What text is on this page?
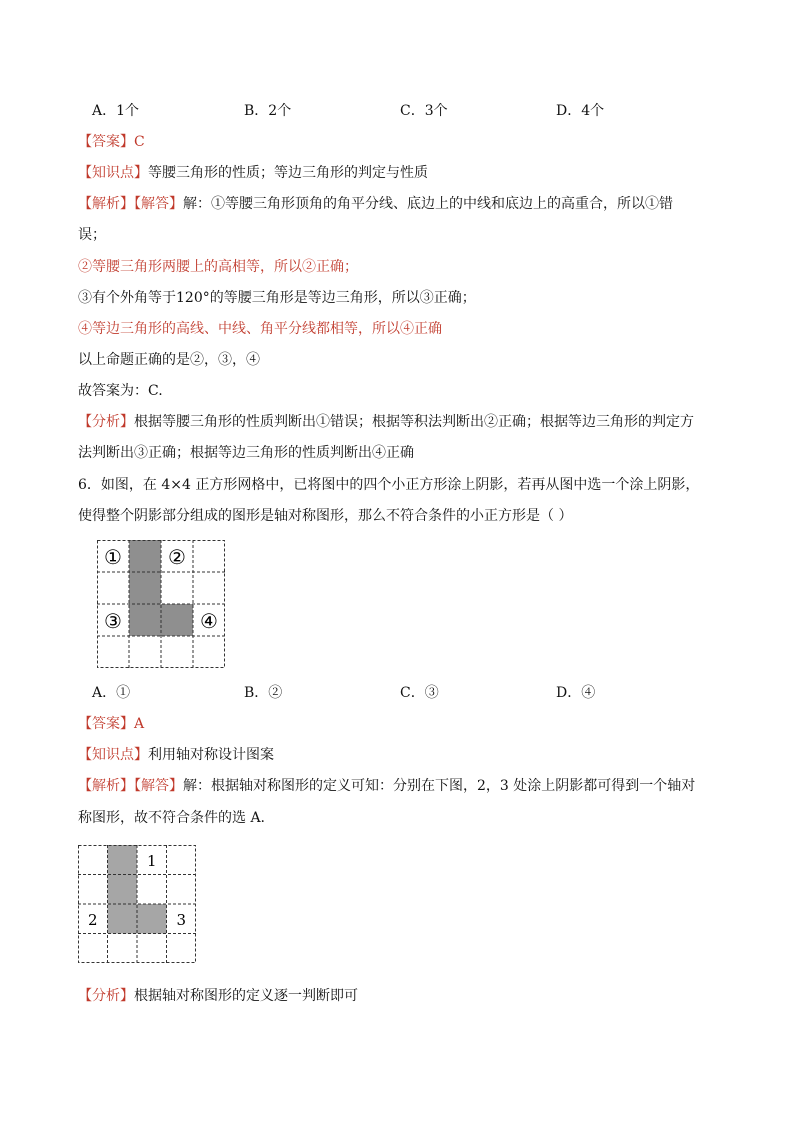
A．1个	B．2个	C．3个	D．4个
【答案】C
【知识点】等腰三角形的性质；等边三角形的判定与性质
【解析】【解答】解：①等腰三角形顶角的角平分线、底边上的中线和底边上的高重合，所以①错
误；
②等腰三角形两腰上的高相等，所以②正确；
③有个外角等于120°的等腰三角形是等边三角形，所以③正确；
④等边三角形的高线、中线、角平分线都相等，所以④正确
以上命题正确的是②，③，④
故答案为：C.
【分析】根据等腰三角形的性质判断出①错误；根据等积法判断出②正确；根据等边三角形的判定方
法判断出③正确；根据等边三角形的性质判断出④正确
6．如图，在 4×4 正方形网格中，已将图中的四个小正方形涂上阴影，若再从图中选一个涂上阴影，
使得整个阴影部分组成的图形是轴对称图形，那么不符合条件的小正方形是（ ）
① ②
③	④
A．①	B．②	C．③	D．④
【答案】A
【知识点】利用轴对称设计图案
【解析】【解答】解：根据轴对称图形的定义可知：分别在下图，2，3 处涂上阴影都可得到一个轴对
称图形，故不符合条件的选 A.
1
2	3
【分析】根据轴对称图形的定义逐一判断即可
